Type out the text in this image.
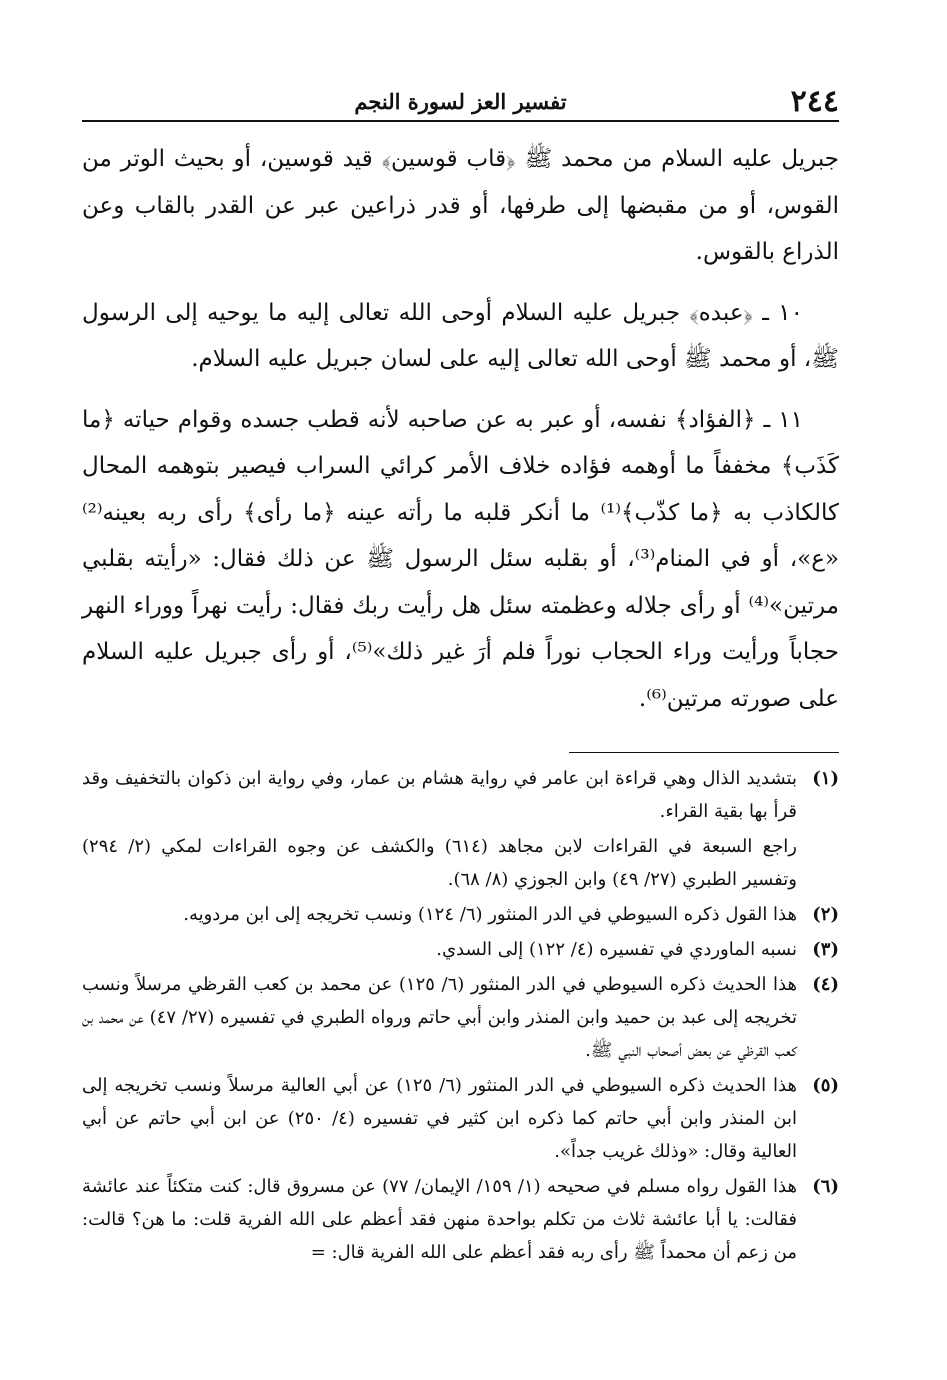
٢٤٤
تفسير العز لسورة النجم

جبريل عليه السلام من محمد ﷺ ﴿قاب قوسين﴾ قيد قوسين، أو بحيث الوتر من القوس، أو من مقبضها إلى طرفها، أو قدر ذراعين عبر عن القدر بالقاب وعن الذراع بالقوس.

١٠ ـ ﴿عبده﴾ جبريل عليه السلام أوحى الله تعالى إليه ما يوحيه إلى الرسول ﷺ، أو محمد ﷺ أوحى الله تعالى إليه على لسان جبريل عليه السلام.

١١ ـ ﴿الفؤاد﴾ نفسه، أو عبر به عن صاحبه لأنه قطب جسده وقوام حياته ﴿ما كَذَب﴾ مخففاً ما أوهمه فؤاده خلاف الأمر كرائي السراب فيصير بتوهمه المحال كالكاذب به ﴿ما كذّب﴾⁽¹⁾ ما أنكر قلبه ما رأته عينه ﴿ما رأى﴾ رأى ربه بعينه⁽²⁾ «ع»، أو في المنام⁽³⁾، أو بقلبه سئل الرسول ﷺ عن ذلك فقال: «رأيته بقلبي مرتين»⁽⁴⁾ أو رأى جلاله وعظمته سئل هل رأيت ربك فقال: رأيت نهراً ووراء النهر حجاباً ورأيت وراء الحجاب نوراً فلم أرَ غير ذلك»⁽⁵⁾، أو رأى جبريل عليه السلام على صورته مرتين⁽⁶⁾.

(١)
بتشديد الذال وهي قراءة ابن عامر في رواية هشام بن عمار، وفي رواية ابن ذكوان بالتخفيف وقد قرأ بها بقية القراء.
راجع السبعة في القراءات لابن مجاهد (٦١٤) والكشف عن وجوه القراءات لمكي (٢/ ٢٩٤) وتفسير الطبري (٢٧/ ٤٩) وابن الجوزي (٨/ ٦٨).
(٢)
هذا القول ذكره السيوطي في الدر المنثور (٦/ ١٢٤) ونسب تخريجه إلى ابن مردويه.
(٣)
نسبه الماوردي في تفسيره (٤/ ١٢٢) إلى السدي.
(٤)
هذا الحديث ذكره السيوطي في الدر المنثور (٦/ ١٢٥) عن محمد بن كعب القرظي مرسلاً ونسب تخريجه إلى عبد بن حميد وابن المنذر وابن أبي حاتم ورواه الطبري في تفسيره (٢٧/ ٤٧) عن محمد بن كعب القرظي عن بعض أصحاب النبي ﷺ.
(٥)
هذا الحديث ذكره السيوطي في الدر المنثور (٦/ ١٢٥) عن أبي العالية مرسلاً ونسب تخريجه إلى ابن المنذر وابن أبي حاتم كما ذكره ابن كثير في تفسيره (٤/ ٢٥٠) عن ابن أبي حاتم عن أبي العالية وقال: «وذلك غريب جداً».
(٦)
هذا القول رواه مسلم في صحيحه (١/ ١٥٩/ الإيمان/ ٧٧) عن مسروق قال: كنت متكئاً عند عائشة فقالت: يا أبا عائشة ثلاث من تكلم بواحدة منهن فقد أعظم على الله الفرية قلت: ما هن؟ قالت: من زعم أن محمداً ﷺ رأى ربه فقد أعظم على الله الفرية قال: =
